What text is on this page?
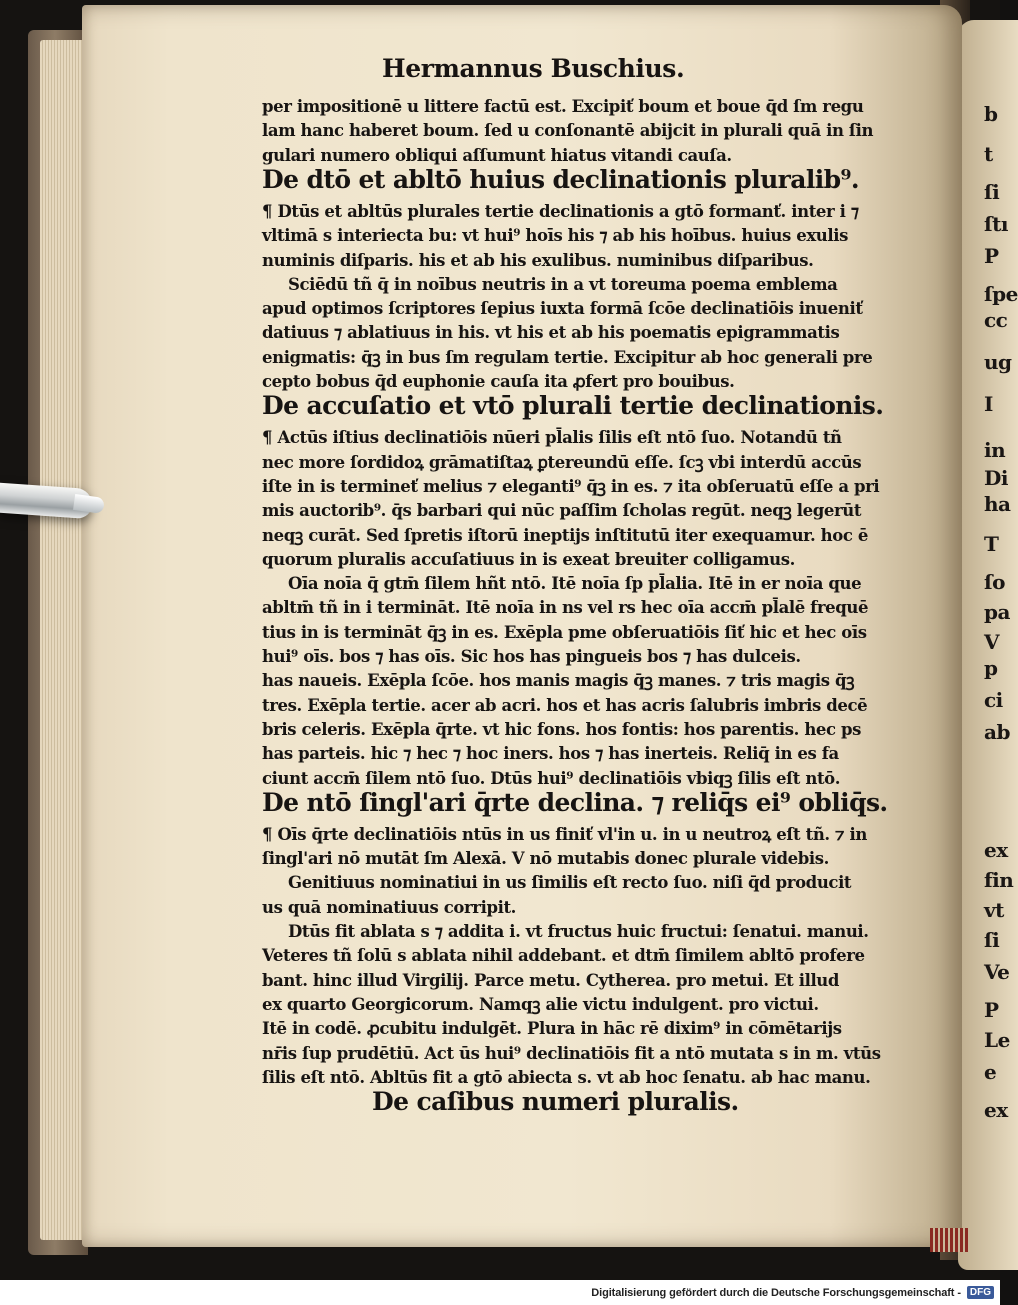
b
t
ſi
ſtı
P
ſpe
cc
ug
I
in
Di
ha
T
ſo
pa
V
p
ci
ab
ex
fin
vt
ſi
Ve
P
Le
e
ex
Hermannus Buschius.
per impositionē u littere factū est. Excipiť boum et boue q̄d ſm regu
lam hanc haberet boum. ſed u conſonantē abijcit in plurali quā in ſin
gulari numero obliqui aſſumunt hiatus vitandi cauſa.
De dtō et abltō huius declinationis pluralib⁹.
¶ Dtūs et abltūs plurales tertie declinationis a gtō formanť. inter i ⁊
vltimā s interiecta bu: vt hui⁹ hoīs his ⁊ ab his hoībus. huius exulis
numinis diſparis. his et ab his exulibus. numinibus diſparibus.
Sciēdū tñ q̄ in noībus neutris in a vt toreuma poema emblema
apud optimos ſcriptores ſepius iuxta formā ſcōe declinatiōis inueniť
datiuus ⁊ ablatiuus in his. vt his et ab his poematis epigrammatis
enigmatis: q̄ꝫ in bus ſm regulam tertie. Excipitur ab hoc generali pre
cepto bobus q̄d euphonie cauſa ita ꝓfert pro bouibus.
De accuſatio et vtō plurali tertie declinationis.
¶ Actūs iſtius declinatiōis nūeri pl̄alis ſilis eſt ntō ſuo. Notandū tñ
nec more ſordidoꝝ grāmatiſtaꝝ ꝑtereundū eſſe. ſcꝫ vbi interdū accūs
iſte in is termineť melius ⁊ eleganti⁹ q̄ꝫ in es. ⁊ ita obſeruatū eſſe a pri
mis auctorib⁹. q̄s barbari qui nūc paſſim ſcholas regūt. neqꝫ legerūt
neqꝫ curāt. Sed ſpretis iſtorū ineptijs inſtitutū iter exequamur. hoc ē
quorum pluralis accuſatiuus in is exeat breuiter colligamus.
Oīa noīa q̄ gtm̄ ſilem hñt ntō. Itē noīa ſp pl̄alia. Itē in er noīa que
abltm̄ tñ in i termināt. Itē noīa in ns vel rs hec oīa accm̄ pl̄alē frequē
tius in is termināt q̄ꝫ in es. Exēpla pme obſeruatiōis ſiť hic et hec oīs
hui⁹ oīs. bos ⁊ has oīs. Sic hos has pingueis bos ⁊ has dulceis.
has naueis. Exēpla ſcōe. hos manis magis q̄ꝫ manes. ⁊ tris magis q̄ꝫ
tres. Exēpla tertie. acer ab acri. hos et has acris ſalubris imbris decē
bris celeris. Exēpla q̄rte. vt hic fons. hos fontis: hos parentis. hec ps
has parteis. hic ⁊ hec ⁊ hoc iners. hos ⁊ has inerteis. Reliq̄ in es fa
ciunt accm̄ ſilem ntō ſuo. Dtūs hui⁹ declinatiōis vbiqꝫ ſilis eſt ntō.
De ntō ſingl'ari q̄rte declina. ⁊ reliq̄s ei⁹ obliq̄s.
¶ Oīs q̄rte declinatiōis ntūs in us finiť vl'in u. in u neutroꝝ eſt tñ. ⁊ in
ſingl'ari nō mutāt ſm Alexā. V nō mutabis donec plurale videbis.
Genitiuus nominatiui in us ſimilis eſt recto ſuo. niſi q̄d producit
us quā nominatiuus corripit.
Dtūs fit ablata s ⁊ addita i. vt fructus huic fructui: ſenatui. manui.
Veteres tñ ſolū s ablata nihil addebant. et dtm̄ ſimilem abltō profere
bant. hinc illud Virgilij. Parce metu. Cytherea. pro metui. Et illud
ex quarto Georgicorum. Namqꝫ alie victu indulgent. pro victui.
Itē in codē. ꝓcubitu indulgēt. Plura in hāc rē dixim⁹ in cōmētarijs
nr̄is ſup prudētiū. Act ūs hui⁹ declinatiōis fit a ntō mutata s in m. vtūs
ſilis eſt ntō. Abltūs fit a gtō abiecta s. vt ab hoc ſenatu. ab hac manu.
De caſibus numeri pluralis.
Digitalisierung gefördert durch die Deutsche Forschungsgemeinschaft - DFG
